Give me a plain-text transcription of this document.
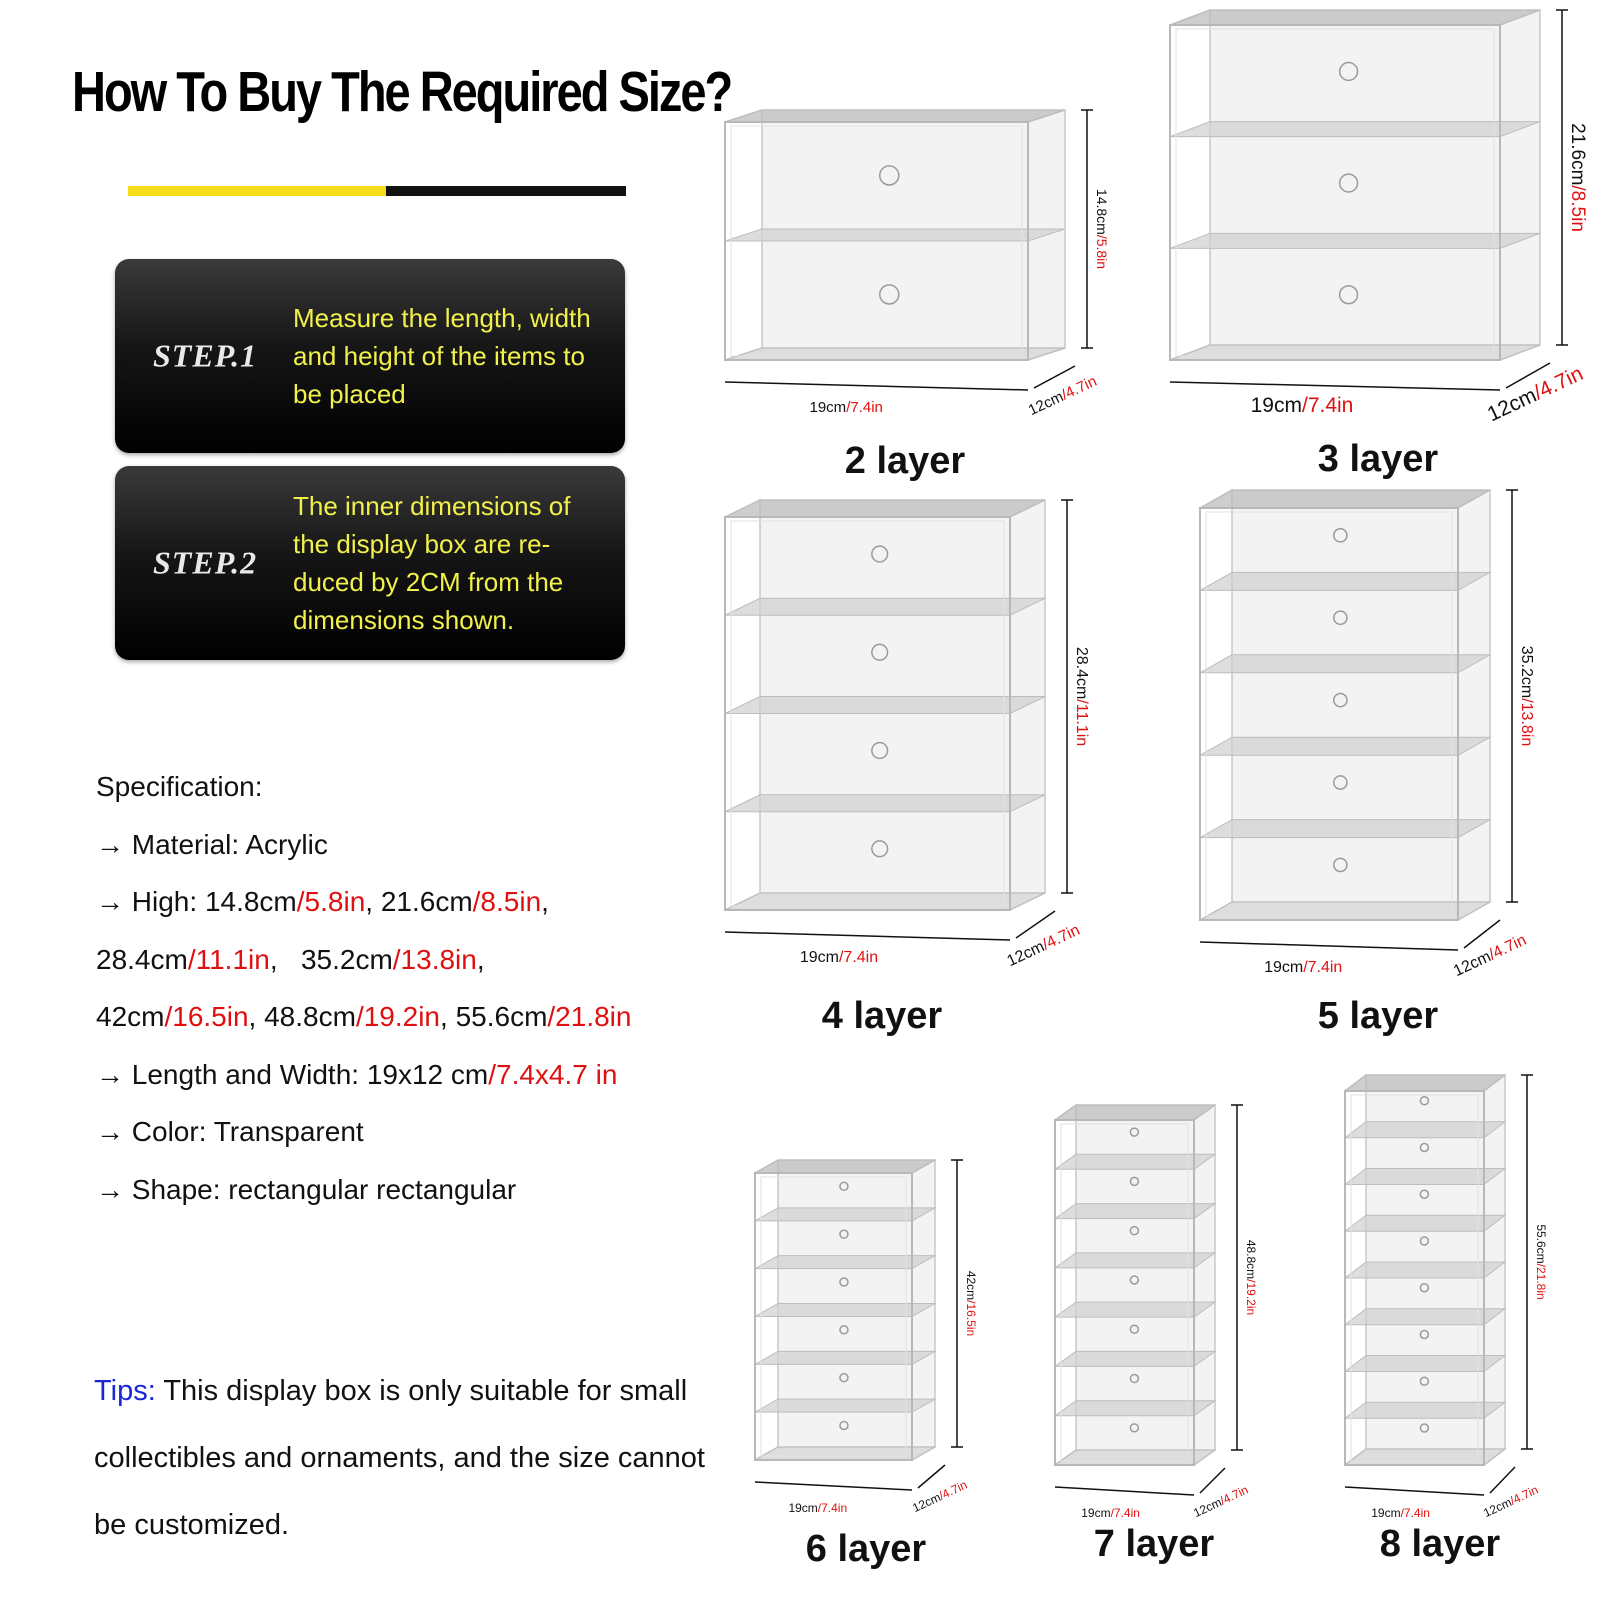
How To Buy The Required Size?
STEP.1
Measure the length, width and height of the items to be placed
STEP.2
The inner dimensions of the display box are re-duced by 2CM from the dimensions shown.
Specification:
→ Material: Acrylic
→ High: 14.8cm/5.8in, 21.6cm/8.5in,
28.4cm/11.1in,   35.2cm/13.8in,
42cm/16.5in, 48.8cm/19.2in, 55.6cm/21.8in
→ Length and Width: 19x12 cm/7.4x4.7 in
→ Color: Transparent
→ Shape: rectangular rectangular
Tips: This display box is only suitable for small collectibles and ornaments, and the size cannot be customized.
14.8cm/5.8in
19cm/7.4in	12cm/4.7in
2 layer
21.6cm/8.5in
19cm/7.4in	12cm/4.7in
3 layer
28.4cm/11.1in
19cm/7.4in	12cm/4.7in
4 layer
35.2cm/13.8in
19cm/7.4in	12cm/4.7in
5 layer
42cm/16.5in
19cm/7.4in	12cm/4.7in
6 layer
48.8cm/19.2in
19cm/7.4in	12cm/4.7in
7 layer
55.6cm/21.8in
19cm/7.4in	12cm/4.7in
8 layer
